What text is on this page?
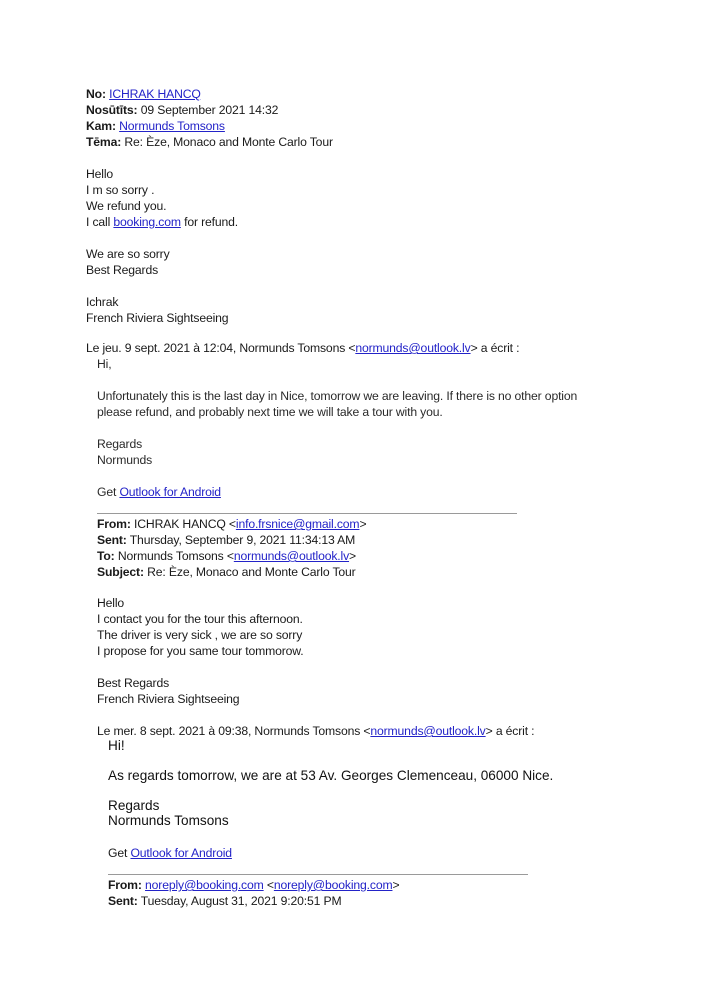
No: ICHRAK HANCQ
Nosūtīts: 09 September 2021 14:32
Kam: Normunds Tomsons
Tēma: Re: Èze, Monaco and Monte Carlo Tour
Hello
I m so sorry .
We refund you.
I call booking.com for refund.
We are so sorry
Best Regards
Ichrak
French Riviera Sightseeing
Le jeu. 9 sept. 2021 à 12:04, Normunds Tomsons <normunds@outlook.lv> a écrit :
Hi,
Unfortunately this is the last day in Nice, tomorrow we are leaving. If there is no other option
please refund, and probably next time we will take a tour with you.
Regards
Normunds
Get Outlook for Android
From: ICHRAK HANCQ <info.frsnice@gmail.com>
Sent: Thursday, September 9, 2021 11:34:13 AM
To: Normunds Tomsons <normunds@outlook.lv>
Subject: Re: Èze, Monaco and Monte Carlo Tour
Hello
I contact you for the tour this afternoon.
The driver is very sick , we are so sorry
I propose for you same tour tommorow.
Best Regards
French Riviera Sightseeing
Le mer. 8 sept. 2021 à 09:38, Normunds Tomsons <normunds@outlook.lv> a écrit :
Hi!
As regards tomorrow, we are at 53 Av. Georges Clemenceau, 06000 Nice.
Regards
Normunds Tomsons
Get Outlook for Android
From: noreply@booking.com <noreply@booking.com>
Sent: Tuesday, August 31, 2021 9:20:51 PM
